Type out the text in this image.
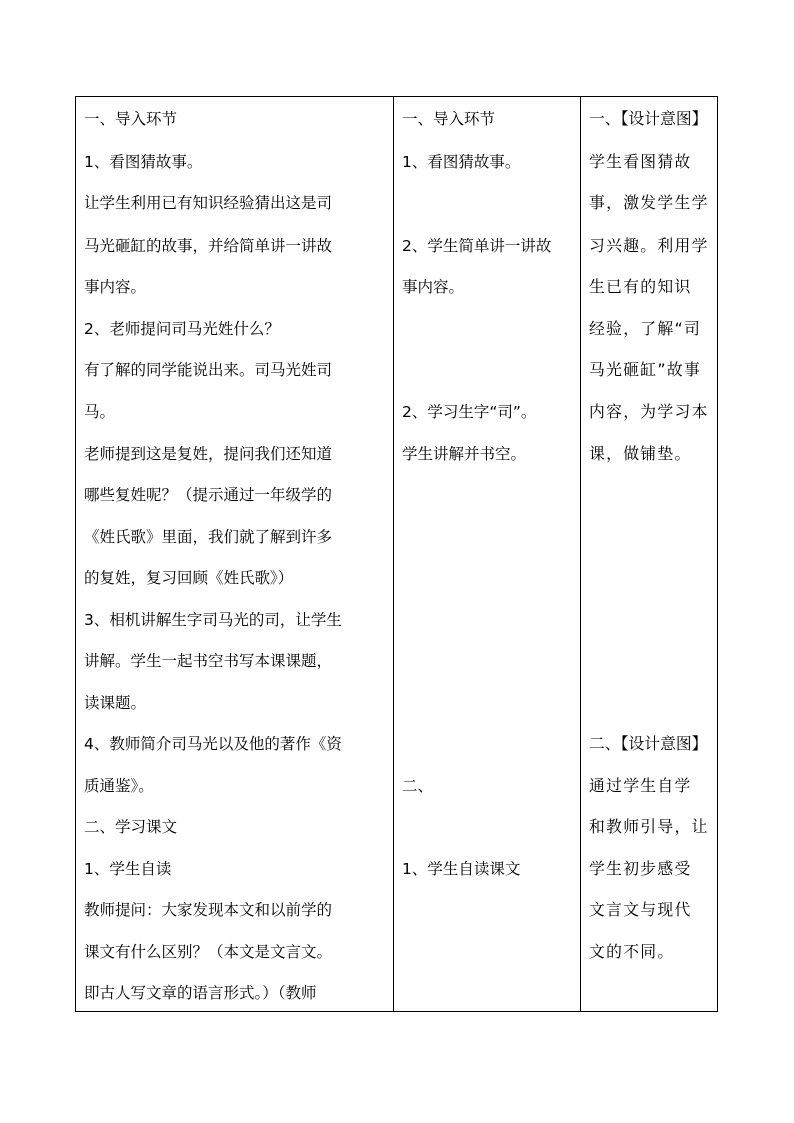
一、导入环节
1、看图猜故事。
让学生利用已有知识经验猜出这是司
马光砸缸的故事，并给简单讲一讲故
事内容。
2、老师提问司马光姓什么？
有了解的同学能说出来。司马光姓司
马。
老师提到这是复姓，提问我们还知道
哪些复姓呢？（提示通过一年级学的
《姓氏歌》里面，我们就了解到许多
的复姓，复习回顾《姓氏歌》）
3、相机讲解生字司马光的司，让学生
讲解。学生一起书空书写本课课题，
读课题。
4、教师简介司马光以及他的著作《资
质通鉴》。
二、学习课文
1、学生自读
教师提问：大家发现本文和以前学的
课文有什么区别？（本文是文言文。
即古人写文章的语言形式。）（教师
一、导入环节
1、看图猜故事。
2、学生简单讲一讲故
事内容。
2、学习生字“司”。
学生讲解并书空。
二、
1、学生自读课文
一、【设计意图】
学生看图猜故
事，激发学生学
习兴趣。利用学
生已有的知识
经验，了解“司
马光砸缸”故事
内容，为学习本
课，做铺垫。
二、【设计意图】
通过学生自学
和教师引导，让
学生初步感受
文言文与现代
文的不同。
